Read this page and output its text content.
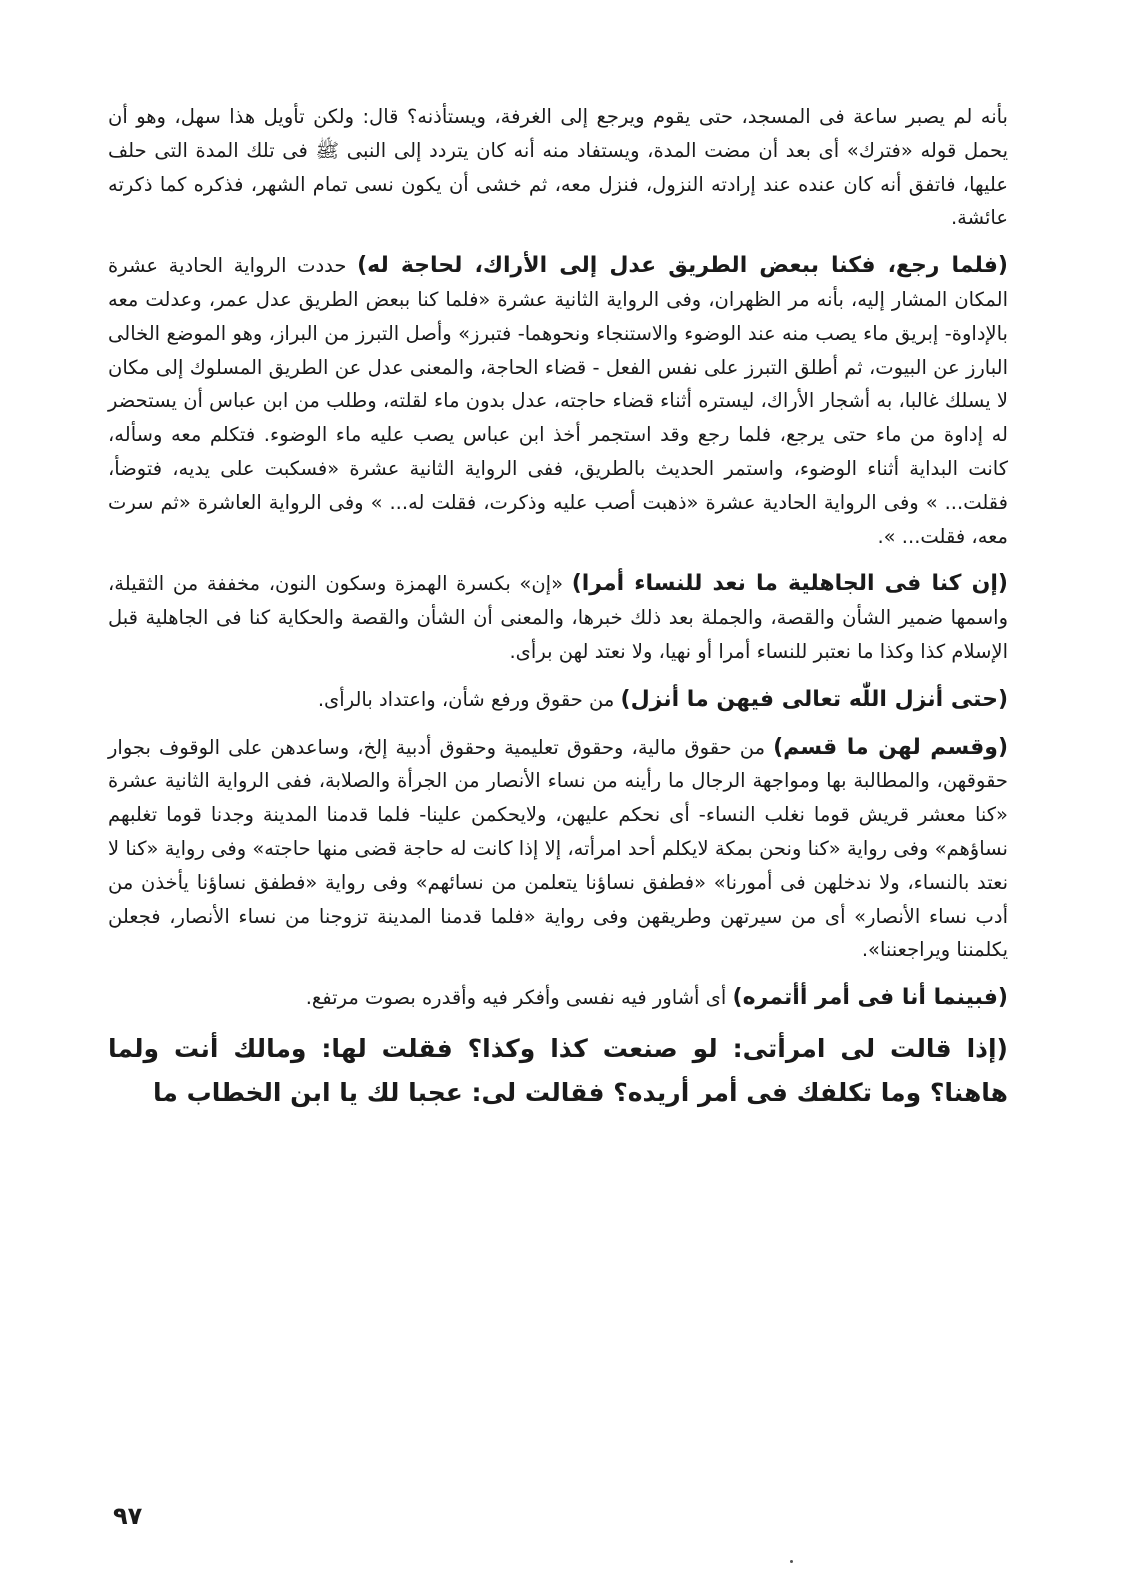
بأنه لم يصبر ساعة فى المسجد، حتى يقوم ويرجع إلى الغرفة، ويستأذنه؟ قال: ولكن تأويل هذا سهل، وهو أن يحمل قوله «فترك» أى بعد أن مضت المدة، ويستفاد منه أنه كان يتردد إلى النبى ﷺ فى تلك المدة التى حلف عليها، فاتفق أنه كان عنده عند إرادته النزول، فنزل معه، ثم خشى أن يكون نسى تمام الشهر، فذكره كما ذكرته عائشة.

(فلما رجع، فكنا ببعض الطريق عدل إلى الأراك، لحاجة له) حددت الرواية الحادية عشرة المكان المشار إليه، بأنه مر الظهران، وفى الرواية الثانية عشرة «فلما كنا ببعض الطريق عدل عمر، وعدلت معه بالإداوة- إبريق ماء يصب منه عند الوضوء والاستنجاء ونحوهما- فتبرز» وأصل التبرز من البراز، وهو الموضع الخالى البارز عن البيوت، ثم أطلق التبرز على نفس الفعل - قضاء الحاجة، والمعنى عدل عن الطريق المسلوك إلى مكان لا يسلك غالبا، به أشجار الأراك، ليستره أثناء قضاء حاجته، عدل بدون ماء لقلته، وطلب من ابن عباس أن يستحضر له إداوة من ماء حتى يرجع، فلما رجع وقد استجمر أخذ ابن عباس يصب عليه ماء الوضوء. فتكلم معه وسأله، كانت البداية أثناء الوضوء، واستمر الحديث بالطريق، ففى الرواية الثانية عشرة «فسكبت على يديه، فتوضأ، فقلت... » وفى الرواية الحادية عشرة «ذهبت أصب عليه وذكرت، فقلت له... » وفى الرواية العاشرة «ثم سرت معه، فقلت... ».

(إن كنا فى الجاهلية ما نعد للنساء أمرا) «إن» بكسرة الهمزة وسكون النون، مخففة من الثقيلة، واسمها ضمير الشأن والقصة، والجملة بعد ذلك خبرها، والمعنى أن الشأن والقصة والحكاية كنا فى الجاهلية قبل الإسلام كذا وكذا ما نعتبر للنساء أمرا أو نهيا، ولا نعتد لهن برأى.

(حتى أنزل اللّٰه تعالى فيهن ما أنزل) من حقوق ورفع شأن، واعتداد بالرأى.

(وقسم لهن ما قسم) من حقوق مالية، وحقوق تعليمية وحقوق أدبية إلخ، وساعدهن على الوقوف بجوار حقوقهن، والمطالبة بها ومواجهة الرجال ما رأينه من نساء الأنصار من الجرأة والصلابة، ففى الرواية الثانية عشرة «كنا معشر قريش قوما نغلب النساء- أى نحكم عليهن، ولايحكمن علينا- فلما قدمنا المدينة وجدنا قوما تغلبهم نساؤهم» وفى رواية «كنا ونحن بمكة لايكلم أحد امرأته، إلا إذا كانت له حاجة قضى منها حاجته» وفى رواية «كنا لا نعتد بالنساء، ولا ندخلهن فى أمورنا» «فطفق نساؤنا يتعلمن من نسائهم» وفى رواية «فطفق نساؤنا يأخذن من أدب نساء الأنصار» أى من سيرتهن وطريقهن وفى رواية «فلما قدمنا المدينة تزوجنا من نساء الأنصار، فجعلن يكلمننا ويراجعننا».

(فبينما أنا فى أمر أأتمره) أى أشاور فيه نفسى وأفكر فيه وأقدره بصوت مرتفع.

(إذا قالت لى امرأتى: لو صنعت كذا وكذا؟ فقلت لها: ومالك أنت ولما هاهنا؟ وما تكلفك فى أمر أريده؟ فقالت لى: عجبا لك يا ابن الخطاب ما

٩٧
